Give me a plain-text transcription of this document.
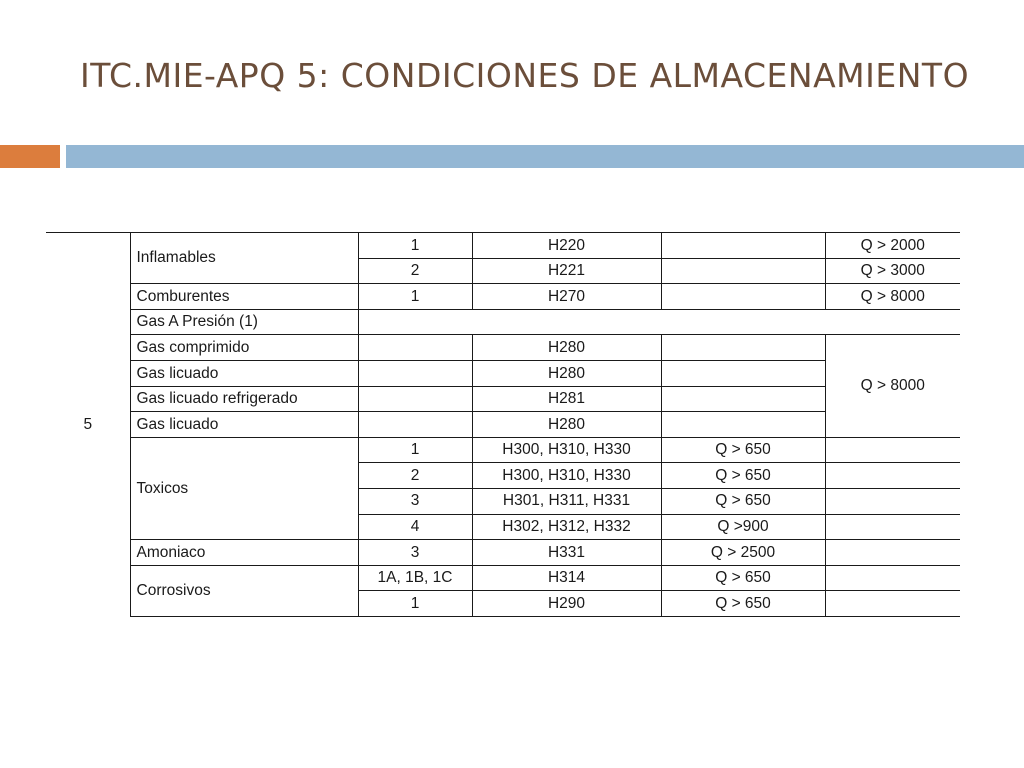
ITC.MIE-APQ 5: CONDICIONES DE ALMACENAMIENTO
5	Inflamables	1	H220		Q > 2000
		2	H221		Q > 3000
	Comburentes	1	H270		Q > 8000
	Gas A Presión (1)				
	Gas comprimido		H280		Q > 8000
	Gas licuado		H280		
	Gas licuado refrigerado		H281		
	Gas licuado		H280		
	Toxicos	1	H300, H310, H330	Q > 650	
		2	H300, H310, H330	Q > 650	
		3	H301, H311, H331	Q > 650	
		4	H302, H312, H332	Q >900	
	Amoniaco	3	H331	Q > 2500	
	Corrosivos	1A, 1B, 1C	H314	Q > 650	
		1	H290	Q > 650	
